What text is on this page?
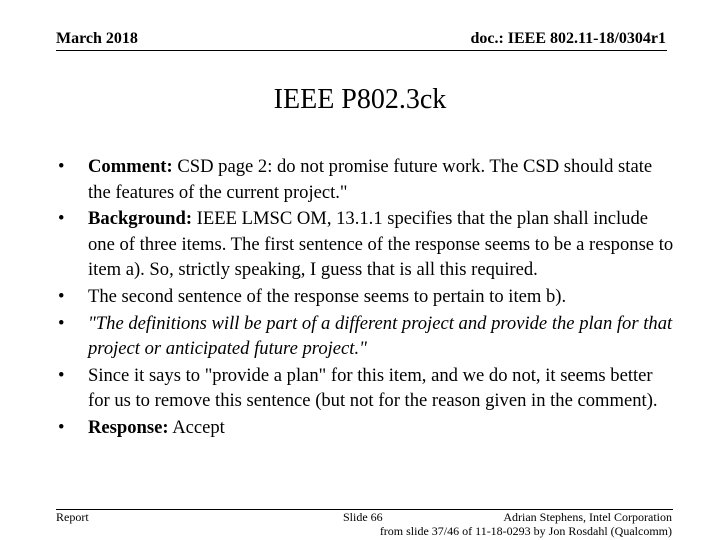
March 2018	doc.: IEEE 802.11-18/0304r1
IEEE P802.3ck
• Comment: CSD page 2: do not promise future work. The CSD should state the features of the current project."
• Background: IEEE LMSC OM, 13.1.1 specifies that the plan shall include one of three items. The first sentence of the response seems to be a response to item a). So, strictly speaking, I guess that is all this required.
• The second sentence of the response seems to pertain to item b).
• "The definitions will be part of a different project and provide the plan for that project or anticipated future project."
• Since it says to "provide a plan" for this item, and we do not, it seems better for us to remove this sentence (but not for the reason given in the comment).
• Response: Accept
Report	Slide 66	Adrian Stephens, Intel Corporation
from slide 37/46 of 11-18-0293 by Jon Rosdahl (Qualcomm)
